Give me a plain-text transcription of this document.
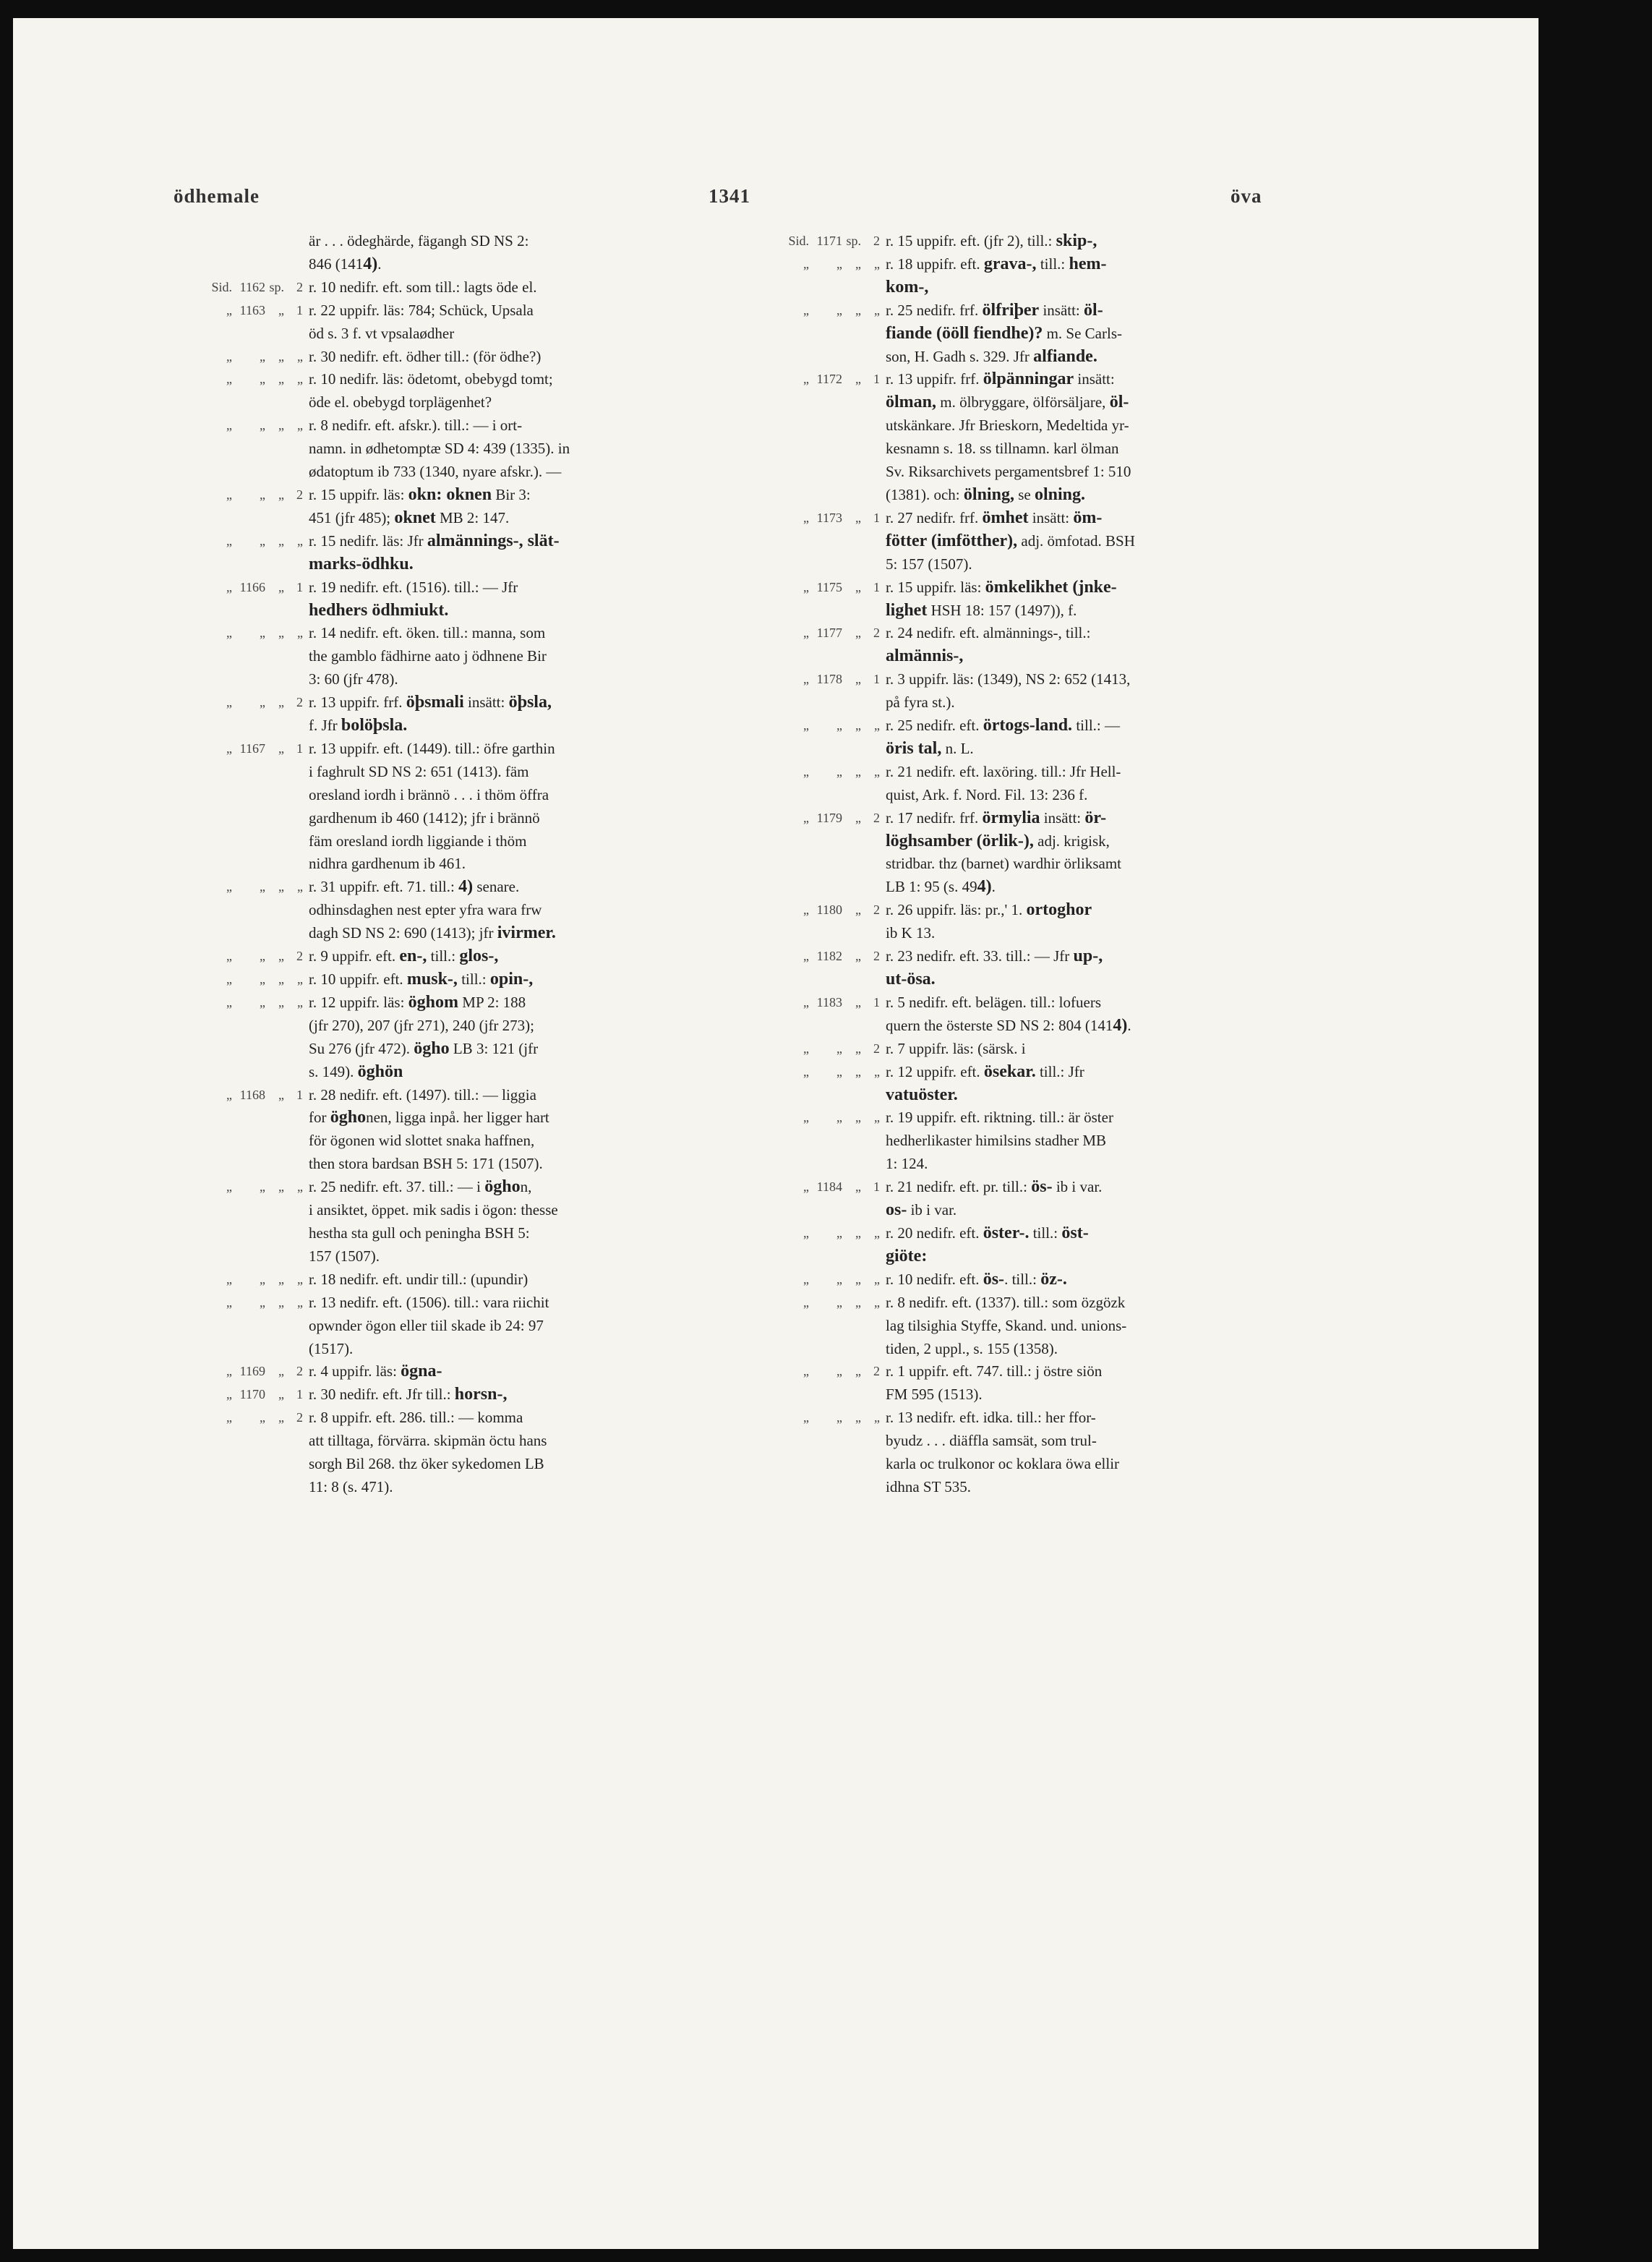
ödhemale	1341	öva
är . . . ödeghärde, fägangh SD NS 2:
846 (1414).
Sid. 1162 sp. 2 r. 10 nedifr. eft. som till.: lagts öde el.
„ 1163	„ 1 r. 22 uppifr. läs: 784; Schück, Upsala
öd s. 3 f. vt vpsalaødher
„	„	„	„ r. 30 nedifr. eft. ödher till.: (för ödhe?)
„	„	„	„ r. 10 nedifr. läs: ödetomt, obebygd tomt;
öde el. obebygd torplägenhet?
„	„	„	„ r. 8 nedifr. eft. afskr.). till.: — i ort-
namn. in ødhetomptæ SD 4: 439 (1335). in
ødatoptum ib 733 (1340, nyare afskr.). —
„	„	„ 2 r. 15 uppifr. läs: okn: oknen Bir 3:
451 (jfr 485); oknet MB 2: 147.
„	„	„	„ r. 15 nedifr. läs: Jfr almännings-, slät-
marks-ödhku.
„ 1166	„ 1 r. 19 nedifr. eft. (1516). till.: — Jfr
hedhers ödhmiukt.
„	„	„	„ r. 14 nedifr. eft. öken. till.: manna, som
the gamblo fädhirne aato j ödhnene Bir
3: 60 (jfr 478).
„	„	„ 2 r. 13 uppifr. frf. öþsmali insätt: öþsla,
f. Jfr bolöþsla.
„ 1167	„ 1 r. 13 uppifr. eft. (1449). till.: öfre garthin
i faghrult SD NS 2: 651 (1413). fäm
oresland iordh i brännö . . . i thöm öffra
gardhenum ib 460 (1412); jfr i brännö
fäm oresland iordh liggiande i thöm
nidhra gardhenum ib 461.
„	„	„	„ r. 31 uppifr. eft. 71. till.: 4) senare.
odhinsdaghen nest epter yfra wara frw
dagh SD NS 2: 690 (1413); jfr ivirmer.
„	„	„ 2 r. 9 uppifr. eft. en-, till.: glos-,
„	„	„	„ r. 10 uppifr. eft. musk-, till.: opin-,
„	„	„	„ r. 12 uppifr. läs: öghom MP 2: 188
(jfr 270), 207 (jfr 271), 240 (jfr 273);
Su 276 (jfr 472). ögho LB 3: 121 (jfr
s. 149). öghön
„ 1168	„ 1 r. 28 nedifr. eft. (1497). till.: — liggia
for öghonen, ligga inpå. her ligger hart
för ögonen wid slottet snaka haffnen,
then stora bardsan BSH 5: 171 (1507).
„	„	„	„ r. 25 nedifr. eft. 37. till.: — i öghon,
i ansiktet, öppet. mik sadis i ögon: thesse
hestha sta gull och peningha BSH 5:
157 (1507).
„	„	„	„ r. 18 nedifr. eft. undir till.: (upundir)
„	„	„	„ r. 13 nedifr. eft. (1506). till.: vara riichit
opwnder ögon eller tiil skade ib 24: 97
(1517).
„ 1169	„ 2 r. 4 uppifr. läs: ögna-
„ 1170	„ 1 r. 30 nedifr. eft. Jfr till.: horsn-,
„	„	„ 2 r. 8 uppifr. eft. 286. till.: — komma
att tilltaga, förvärra. skipmän öctu hans
sorgh Bil 268. thz öker sykedomen LB
11: 8 (s. 471).
Sid. 1171 sp. 2 r. 15 uppifr. eft. (jfr 2), till.: skip-,
„	„	„	„ r. 18 uppifr. eft. grava-, till.: hem-
kom-,
„	„	„	„ r. 25 nedifr. frf. ölfriþer insätt: öl-
fiande (ööll fiendhe)? m. Se Carls-
son, H. Gadh s. 329. Jfr alfiande.
„ 1172	„ 1 r. 13 uppifr. frf. ölpänningar insätt:
ölman, m. ölbryggare, ölförsäljare, öl-
utskänkare. Jfr Brieskorn, Medeltida yr-
kesnamn s. 18. ss tillnamn. karl ölman
Sv. Riksarchivets pergamentsbref 1: 510
(1381). och: ölning, se olning.
„ 1173	„ 1 r. 27 nedifr. frf. ömhet insätt: öm-
fötter (imfötther), adj. ömfotad. BSH
5: 157 (1507).
„ 1175	„ 1 r. 15 uppifr. läs: ömkelikhet (jnke-
lighet HSH 18: 157 (1497)), f.
„ 1177	„ 2 r. 24 nedifr. eft. almännings-, till.:
almännis-,
„ 1178	„ 1 r. 3 uppifr. läs: (1349), NS 2: 652 (1413,
på fyra st.).
„	„	„	„ r. 25 nedifr. eft. örtogs-land. till.: —
öris tal, n. L.
„	„	„	„ r. 21 nedifr. eft. laxöring. till.: Jfr Hell-
quist, Ark. f. Nord. Fil. 13: 236 f.
„ 1179	„ 2 r. 17 nedifr. frf. örmylia insätt: ör-
löghsamber (örlik-), adj. krigisk,
stridbar. thz (barnet) wardhir örliksamt
LB 1: 95 (s. 494).
„ 1180	„ 2 r. 26 uppifr. läs: pr.,' 1. ortoghor
ib K 13.
„ 1182	„ 2 r. 23 nedifr. eft. 33. till.: — Jfr up-,
ut-ösa.
„ 1183	„ 1 r. 5 nedifr. eft. belägen. till.: lofuers
quern the österste SD NS 2: 804 (1414).
„	„	„ 2 r. 7 uppifr. läs: (särsk. i
„	„	„	„ r. 12 uppifr. eft. ösekar. till.: Jfr
vatuöster.
„	„	„	„ r. 19 uppifr. eft. riktning. till.: är öster
hedherlikaster himilsins stadher MB
1: 124.
„ 1184	„ 1 r. 21 nedifr. eft. pr. till.: ös- ib i var.
os- ib i var.
„	„	„	„ r. 20 nedifr. eft. öster-. till.: öst-
giöte:
„	„	„	„ r. 10 nedifr. eft. ös-. till.: öz-.
„	„	„	„ r. 8 nedifr. eft. (1337). till.: som özgözk
lag tilsighia Styffe, Skand. und. unions-
tiden, 2 uppl., s. 155 (1358).
„	„	„ 2 r. 1 uppifr. eft. 747. till.: j östre siön
FM 595 (1513).
„	„	„	„ r. 13 nedifr. eft. idka. till.: her ffor-
byudz . . . diäffla samsät, som trul-
karla oc trulkonor oc koklara öwa ellir
idhna ST 535.
